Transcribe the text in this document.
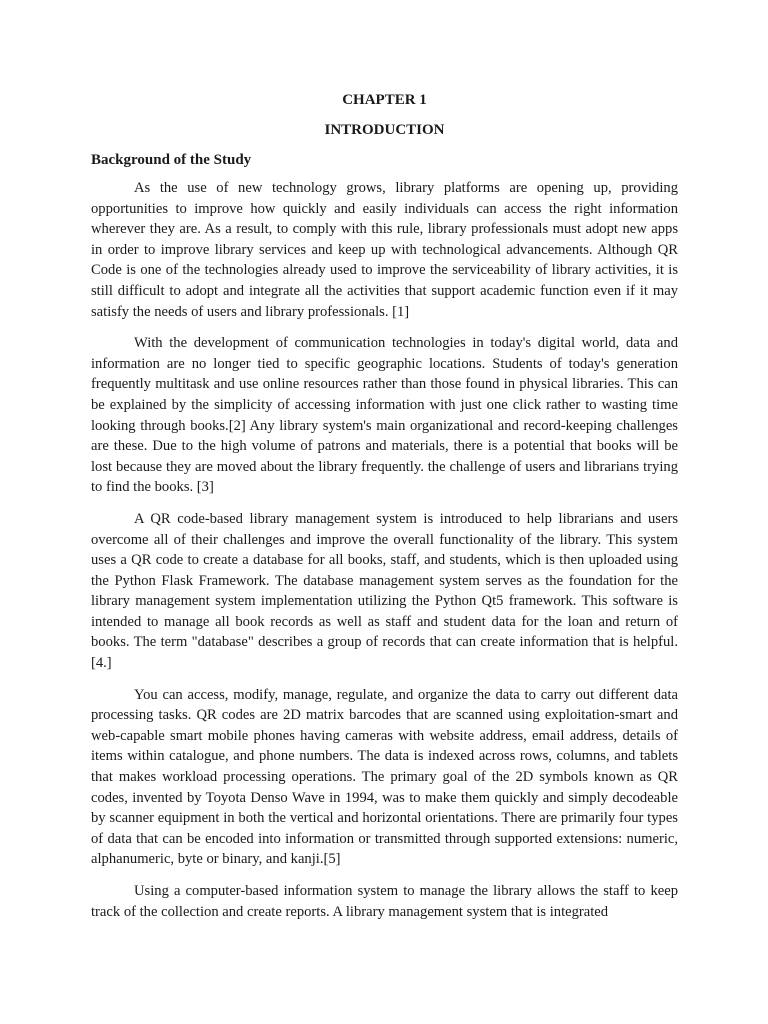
CHAPTER 1
INTRODUCTION
Background of the Study

As the use of new technology grows, library platforms are opening up, providing opportunities to improve how quickly and easily individuals can access the right information wherever they are. As a result, to comply with this rule, library professionals must adopt new apps in order to improve library services and keep up with technological advancements. Although QR Code is one of the technologies already used to improve the serviceability of library activities, it is still difficult to adopt and integrate all the activities that support academic function even if it may satisfy the needs of users and library professionals. [1]

With the development of communication technologies in today's digital world, data and information are no longer tied to specific geographic locations. Students of today's generation frequently multitask and use online resources rather than those found in physical libraries. This can be explained by the simplicity of accessing information with just one click rather to wasting time looking through books.[2] Any library system's main organizational and record-keeping challenges are these. Due to the high volume of patrons and materials, there is a potential that books will be lost because they are moved about the library frequently. the challenge of users and librarians trying to find the books. [3]

A QR code-based library management system is introduced to help librarians and users overcome all of their challenges and improve the overall functionality of the library. This system uses a QR code to create a database for all books, staff, and students, which is then uploaded using the Python Flask Framework. The database management system serves as the foundation for the library management system implementation utilizing the Python Qt5 framework. This software is intended to manage all book records as well as staff and student data for the loan and return of books. The term "database" describes a group of records that can create information that is helpful. [4.]

You can access, modify, manage, regulate, and organize the data to carry out different data processing tasks. QR codes are 2D matrix barcodes that are scanned using exploitation-smart and web-capable smart mobile phones having cameras with website address, email address, details of items within catalogue, and phone numbers. The data is indexed across rows, columns, and tablets that makes workload processing operations. The primary goal of the 2D symbols known as QR codes, invented by Toyota Denso Wave in 1994, was to make them quickly and simply decodeable by scanner equipment in both the vertical and horizontal orientations. There are primarily four types of data that can be encoded into information or transmitted through supported extensions: numeric, alphanumeric, byte or binary, and kanji.[5]

Using a computer-based information system to manage the library allows the staff to keep track of the collection and create reports. A library management system that is integrated
